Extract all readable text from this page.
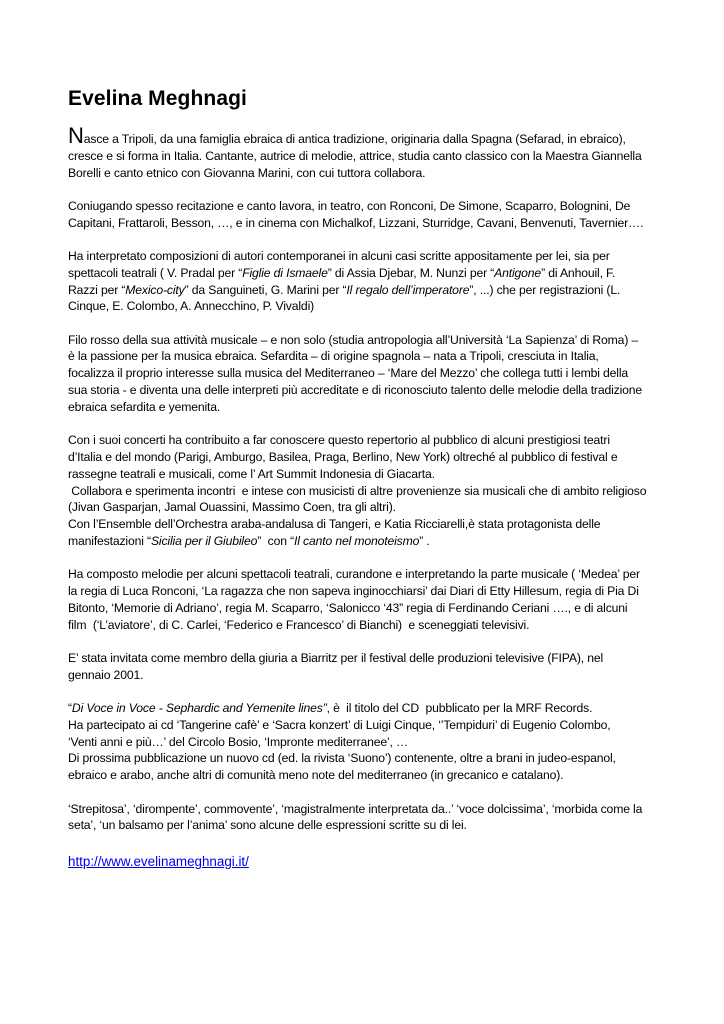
Evelina Meghnagi
Nasce a Tripoli, da una famiglia ebraica di antica tradizione, originaria dalla Spagna (Sefarad, in ebraico),
cresce e si forma in Italia. Cantante, autrice di melodie, attrice, studia canto classico con la Maestra Giannella
Borelli e canto etnico con Giovanna Marini, con cui tuttora collabora.
Coniugando spesso recitazione e canto lavora, in teatro, con Ronconi, De Simone, Scaparro, Bolognini, De
Capitani, Frattaroli, Besson, …, e in cinema con Michalkof, Lizzani, Sturridge, Cavani, Benvenuti, Tavernier….
Ha interpretato composizioni di autori contemporanei in alcuni casi scritte appositamente per lei, sia per
spettacoli teatrali ( V. Pradal per “Figlie di Ismaele” di Assia Djebar, M. Nunzi per “Antigone” di Anhouil, F.
Razzi per “Mexico-city” da Sanguineti, G. Marini per “Il regalo dell’imperatore”, ...) che per registrazioni (L.
Cinque, E. Colombo, A. Annecchino, P. Vivaldi)
Filo rosso della sua attività musicale – e non solo (studia antropologia all’Università ‘La Sapienza’ di Roma) –
è la passione per la musica ebraica. Sefardita – di origine spagnola – nata a Tripoli, cresciuta in Italia,
focalizza il proprio interesse sulla musica del Mediterraneo – ‘Mare del Mezzo’ che collega tutti i lembi della
sua storia - e diventa una delle interpreti più accreditate e di riconosciuto talento delle melodie della tradizione
ebraica sefardita e yemenita.
Con i suoi concerti ha contribuito a far conoscere questo repertorio al pubblico di alcuni prestigiosi teatri
d’Italia e del mondo (Parigi, Amburgo, Basilea, Praga, Berlino, New York) oltreché al pubblico di festival e
rassegne teatrali e musicali, come l’ Art Summit Indonesia di Giacarta.
Collabora e sperimenta incontri  e intese con musicisti di altre provenienze sia musicali che di ambito religioso
(Jivan Gasparjan, Jamal Ouassini, Massimo Coen, tra gli altri).
Con l’Ensemble dell’Orchestra araba-andalusa di Tangeri, e Katia Ricciarelli,è stata protagonista delle
manifestazioni “Sicilia per il Giubileo”  con “Il canto nel monoteismo” .
Ha composto melodie per alcuni spettacoli teatrali, curandone e interpretando la parte musicale ( ‘Medea’ per
la regia di Luca Ronconi, ‘La ragazza che non sapeva inginocchiarsi’ dai Diari di Etty Hillesum, regia di Pia Di
Bitonto, ‘Memorie di Adriano’, regia M. Scaparro, ‘Salonicco ‘43” regia di Ferdinando Ceriani …., e di alcuni
film  (‘L’aviatore’, di C. Carlei, ‘Federico e Francesco’ di Bianchi)  e sceneggiati televisivi.
E’ stata invitata come membro della giuria a Biarritz per il festival delle produzioni televisive (FIPA), nel
gennaio 2001.
“Di Voce in Voce - Sephardic and Yemenite lines”, è  il titolo del CD  pubblicato per la MRF Records.
Ha partecipato ai cd ‘Tangerine cafè’ e ‘Sacra konzert’ di Luigi Cinque, ‘’Tempiduri’ di Eugenio Colombo,
‘Venti anni e più…’ del Circolo Bosio, ‘Impronte mediterranee’, …
Di prossima pubblicazione un nuovo cd (ed. la rivista ‘Suono’) contenente, oltre a brani in judeo-espanol,
ebraico e arabo, anche altri di comunità meno note del mediterraneo (in grecanico e catalano).
‘Strepitosa’, ‘dirompente’, commovente’, ‘magistralmente interpretata da..’ ‘voce dolcissima’, ‘morbida come la
seta’, ‘un balsamo per l’anima’ sono alcune delle espressioni scritte su di lei.
http://www.evelinameghnagi.it/
